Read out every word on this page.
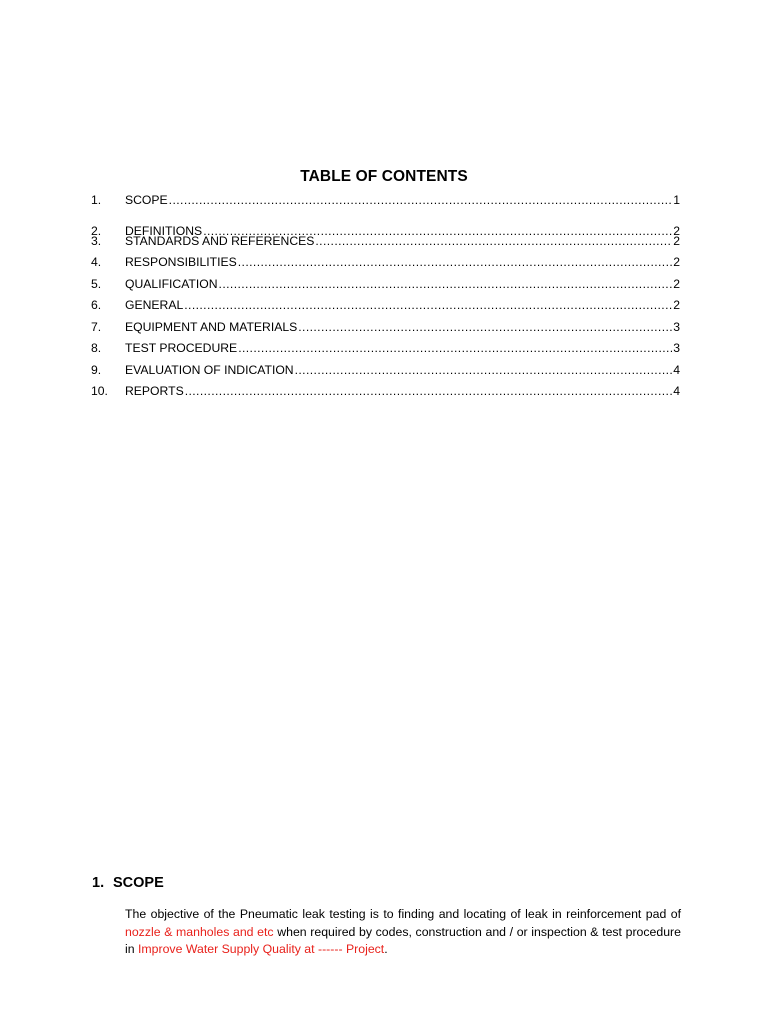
TABLE OF CONTENTS
1.	SCOPE .....	1
2.	DEFINITIONS .....	2
3.	STANDARDS AND REFERENCES .....	2
4.	RESPONSIBILITIES .....	2
5.	QUALIFICATION .....	2
6.	GENERAL .....	2
7.	EQUIPMENT AND MATERIALS .....	3
8.	TEST PROCEDURE .....	3
9.	EVALUATION OF INDICATION .....	4
10.	REPORTS .....	4
1. SCOPE
The objective of the Pneumatic leak testing is to finding and locating of leak in reinforcement pad of nozzle & manholes and etc when required by codes, construction and / or inspection & test procedure in Improve Water Supply Quality at ------ Project.
